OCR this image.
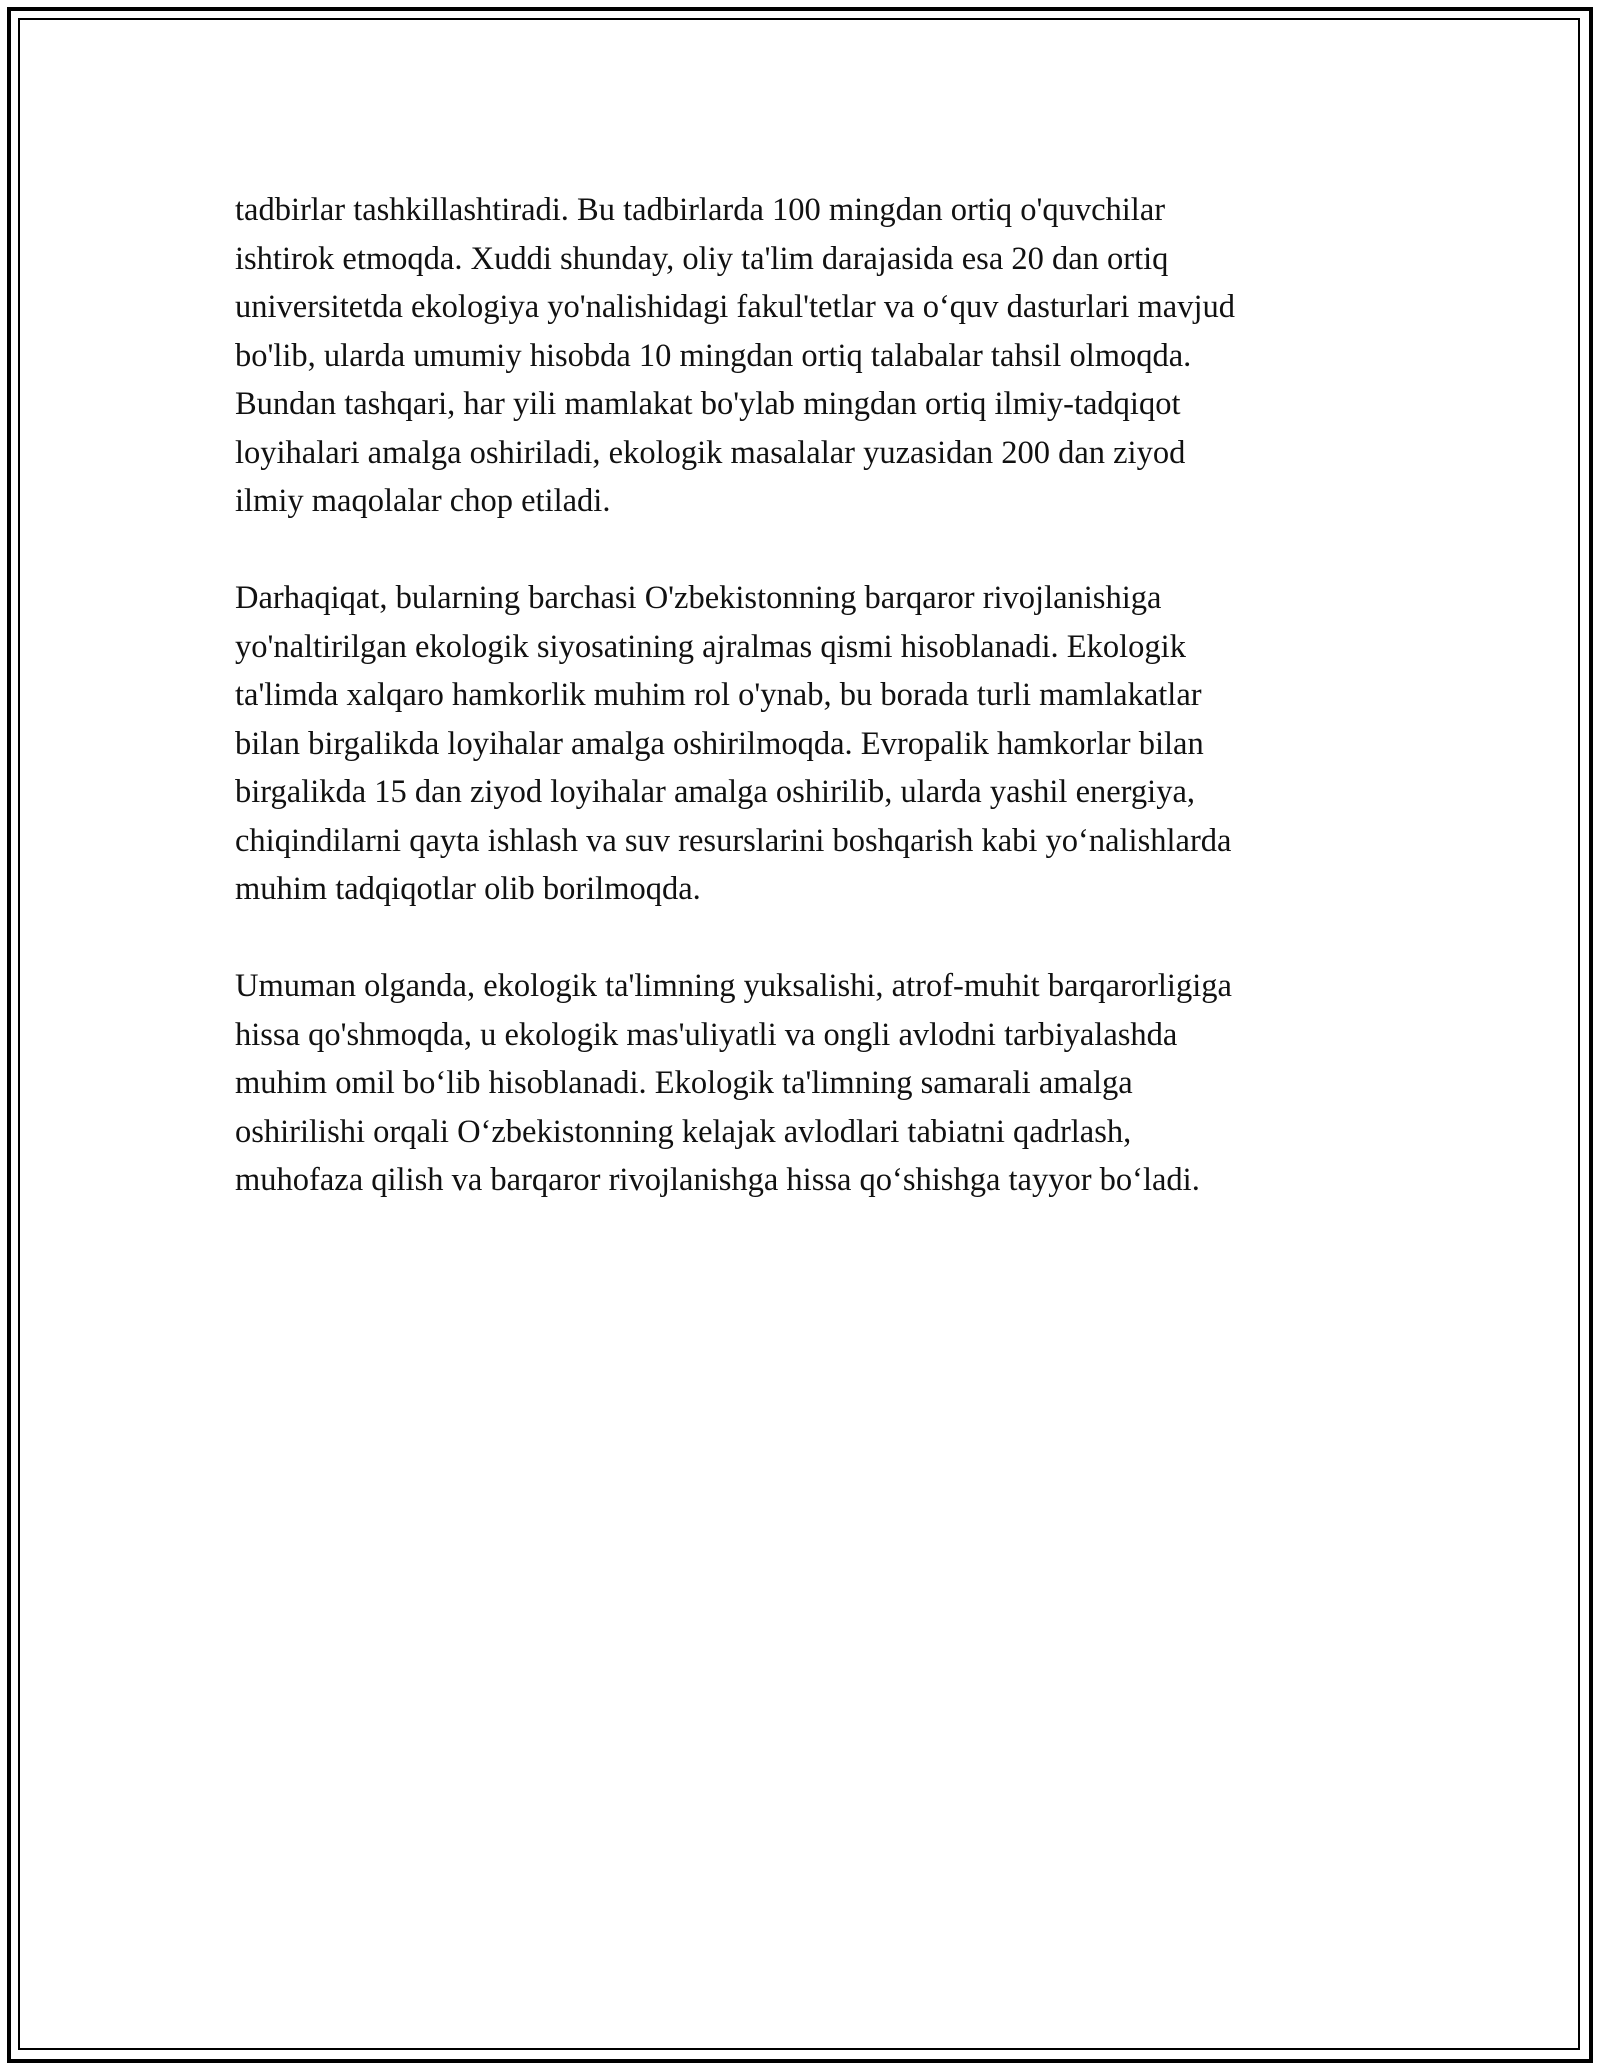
tadbirlar tashkillashtiradi. Bu tadbirlarda 100 mingdan ortiq o'quvchilar
ishtirok etmoqda. Xuddi shunday, oliy ta'lim darajasida esa 20 dan ortiq
universitetda ekologiya yo'nalishidagi fakul'tetlar va o‘quv dasturlari mavjud
bo'lib, ularda umumiy hisobda 10 mingdan ortiq talabalar tahsil olmoqda.
Bundan tashqari, har yili mamlakat bo'ylab mingdan ortiq ilmiy-tadqiqot
loyihalari amalga oshiriladi, ekologik masalalar yuzasidan 200 dan ziyod
ilmiy maqolalar chop etiladi.

Darhaqiqat, bularning barchasi O'zbekistonning barqaror rivojlanishiga
yo'naltirilgan ekologik siyosatining ajralmas qismi hisoblanadi. Ekologik
ta'limda xalqaro hamkorlik muhim rol o'ynab, bu borada turli mamlakatlar
bilan birgalikda loyihalar amalga oshirilmoqda. Evropalik hamkorlar bilan
birgalikda 15 dan ziyod loyihalar amalga oshirilib, ularda yashil energiya,
chiqindilarni qayta ishlash va suv resurslarini boshqarish kabi yo‘nalishlarda
muhim tadqiqotlar olib borilmoqda.

Umuman olganda, ekologik ta'limning yuksalishi, atrof-muhit barqarorligiga
hissa qo'shmoqda, u ekologik mas'uliyatli va ongli avlodni tarbiyalashda
muhim omil bo‘lib hisoblanadi. Ekologik ta'limning samarali amalga
oshirilishi orqali O‘zbekistonning kelajak avlodlari tabiatni qadrlash,
muhofaza qilish va barqaror rivojlanishga hissa qo‘shishga tayyor bo‘ladi.
